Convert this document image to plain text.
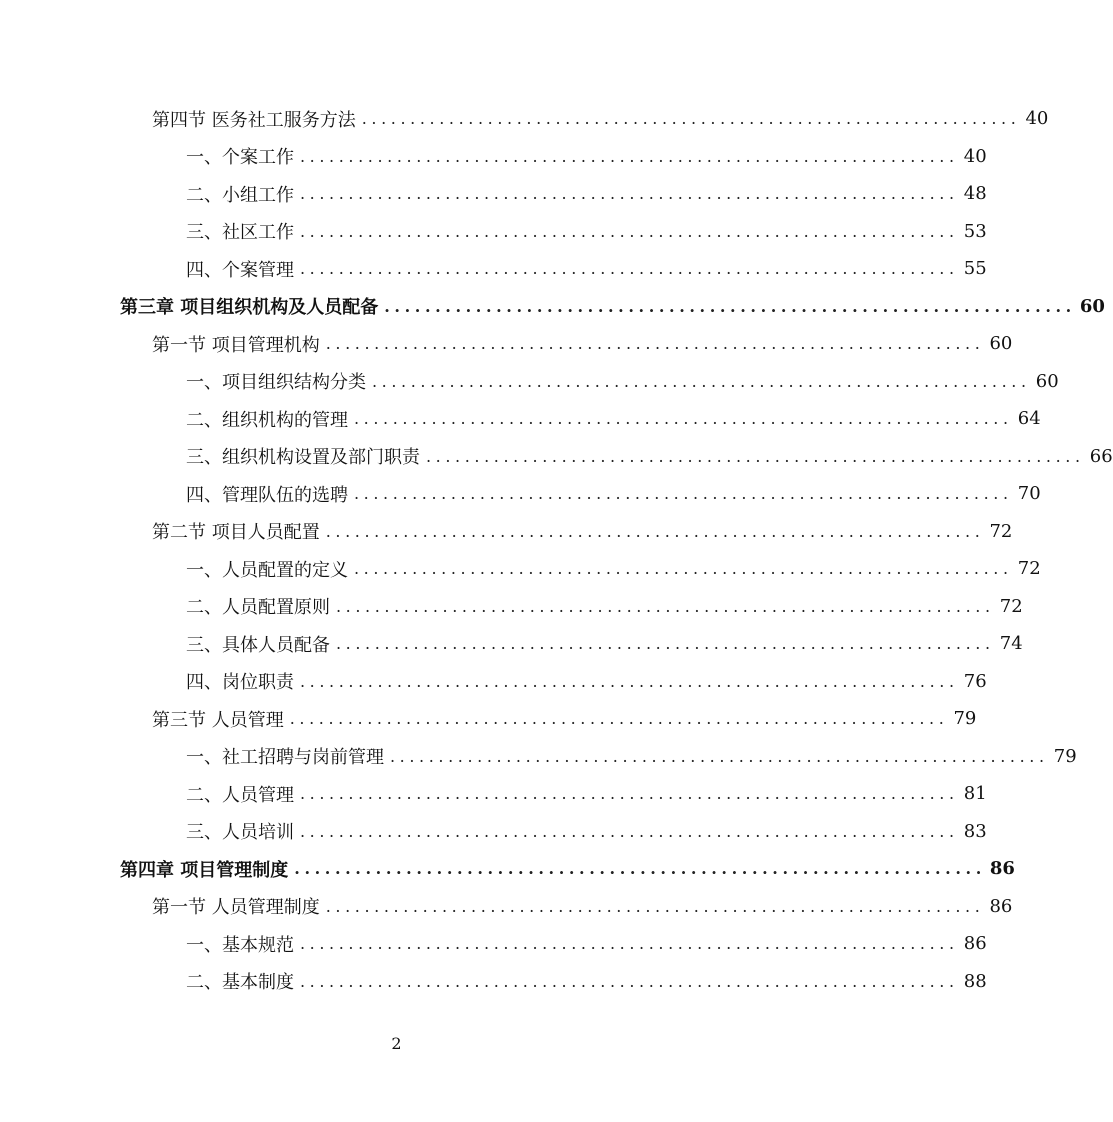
第四节 医务社工服务方法 .................................................................... 40
一、个案工作 .................................................................... 40
二、小组工作 .................................................................... 48
三、社区工作 .................................................................... 53
四、个案管理 .................................................................... 55
第三章 项目组织机构及人员配备 .................................................................... 60
第一节 项目管理机构 .................................................................... 60
一、项目组织结构分类 .................................................................... 60
二、组织机构的管理 .................................................................... 64
三、组织机构设置及部门职责 .................................................................... 66
四、管理队伍的选聘 .................................................................... 70
第二节 项目人员配置 .................................................................... 72
一、人员配置的定义 .................................................................... 72
二、人员配置原则 .................................................................... 72
三、具体人员配备 .................................................................... 74
四、岗位职责 .................................................................... 76
第三节 人员管理 .................................................................... 79
一、社工招聘与岗前管理 .................................................................... 79
二、人员管理 .................................................................... 81
三、人员培训 .................................................................... 83
第四章 项目管理制度 .................................................................... 86
第一节 人员管理制度 .................................................................... 86
一、基本规范 .................................................................... 86
二、基本制度 .................................................................... 88
2
